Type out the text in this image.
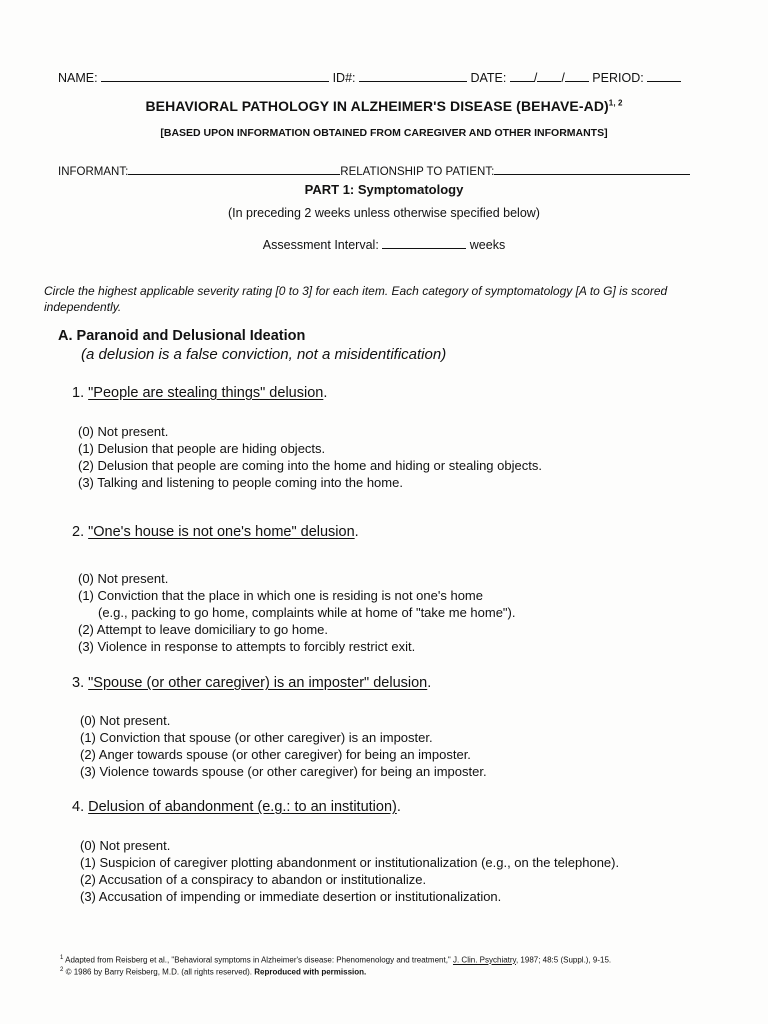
NAME:	ID#:	DATE: / / PERIOD:
BEHAVIORAL PATHOLOGY IN ALZHEIMER'S DISEASE (BEHAVE-AD)$^{1, 2}$
[BASED UPON INFORMATION OBTAINED FROM CAREGIVER AND OTHER INFORMANTS]
INFORMANT:	RELATIONSHIP TO PATIENT:
PART 1: Symptomatology
(In preceding 2 weeks unless otherwise specified below)
Assessment Interval:	weeks
Circle the highest applicable severity rating [0 to 3] for each item. Each category of symptomatology [A to G] is scored independently.
A. Paranoid and Delusional Ideation
(a delusion is a false conviction, not a misidentification)
1. "People are stealing things" delusion.
(0) Not present.
(1) Delusion that people are hiding objects.
(2) Delusion that people are coming into the home and hiding or stealing objects.
(3) Talking and listening to people coming into the home.
2. "One's house is not one's home" delusion.
(0) Not present.
(1) Conviction that the place in which one is residing is not one's home
(e.g., packing to go home, complaints while at home of "take me home").
(2) Attempt to leave domiciliary to go home.
(3) Violence in response to attempts to forcibly restrict exit.
3. "Spouse (or other caregiver) is an imposter" delusion.
(0) Not present.
(1) Conviction that spouse (or other caregiver) is an imposter.
(2) Anger towards spouse (or other caregiver) for being an imposter.
(3) Violence towards spouse (or other caregiver) for being an imposter.
4. Delusion of abandonment (e.g.: to an institution).
(0) Not present.
(1) Suspicion of caregiver plotting abandonment or institutionalization (e.g., on the telephone).
(2) Accusation of a conspiracy to abandon or institutionalize.
(3) Accusation of impending or immediate desertion or institutionalization.
$^1$ Adapted from Reisberg et al., "Behavioral symptoms in Alzheimer's disease: Phenomenology and treatment," J. Clin. Psychiatry, 1987; 48:5 (Suppl.), 9-15.
$^2$ © 1986 by Barry Reisberg, M.D. (all rights reserved). Reproduced with permission.
